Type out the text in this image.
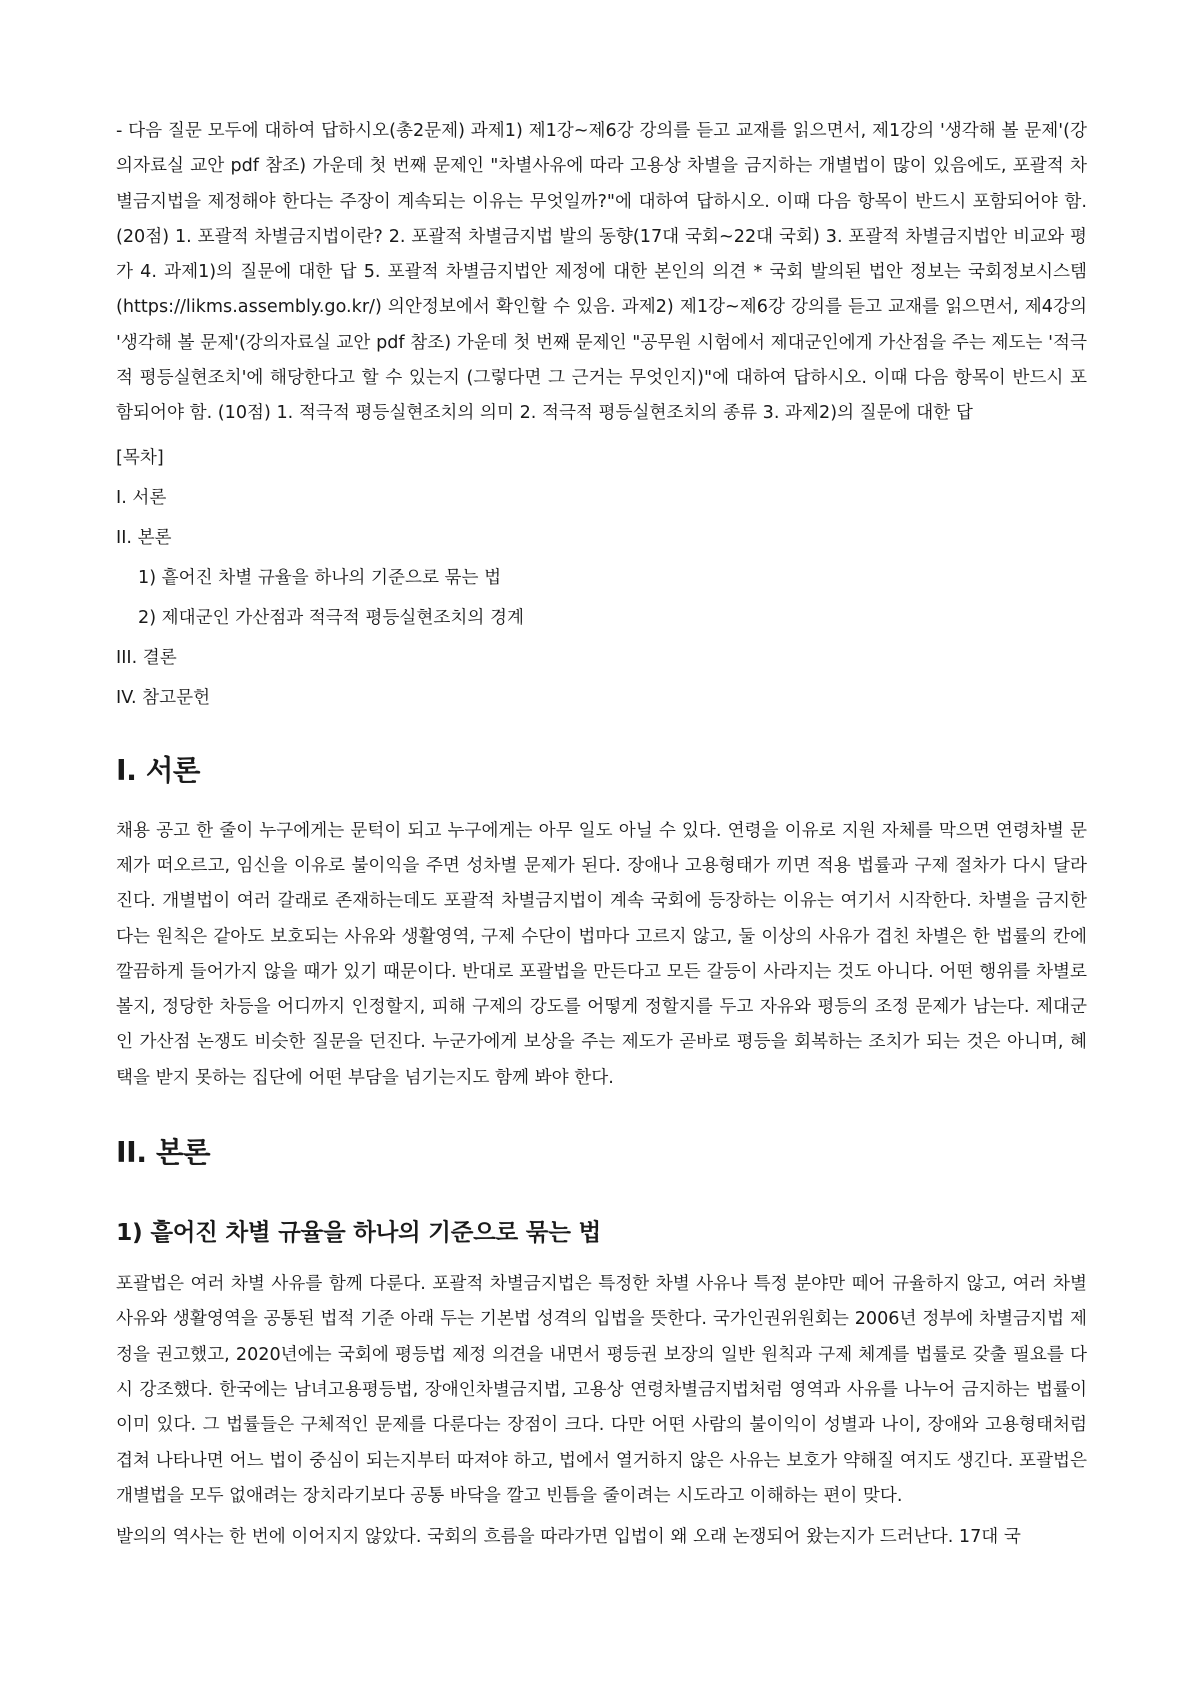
- 다음 질문 모두에 대하여 답하시오(총2문제) 과제1) 제1강~제6강 강의를 듣고 교재를 읽으면서, 제1강의 '생각해 볼 문제'(강의자료실 교안 pdf 참조) 가운데 첫 번째 문제인 "차별사유에 따라 고용상 차별을 금지하는 개별법이 많이 있음에도, 포괄적 차별금지법을 제정해야 한다는 주장이 계속되는 이유는 무엇일까?"에 대하여 답하시오. 이때 다음 항목이 반드시 포함되어야 함. (20점) 1. 포괄적 차별금지법이란? 2. 포괄적 차별금지법 발의 동향(17대 국회~22대 국회) 3. 포괄적 차별금지법안 비교와 평가 4. 과제1)의 질문에 대한 답 5. 포괄적 차별금지법안 제정에 대한 본인의 의견 * 국회 발의된 법안 정보는 국회정보시스템(https://likms.assembly.go.kr/) 의안정보에서 확인할 수 있음. 과제2) 제1강~제6강 강의를 듣고 교재를 읽으면서, 제4강의 '생각해 볼 문제'(강의자료실 교안 pdf 참조) 가운데 첫 번째 문제인 "공무원 시험에서 제대군인에게 가산점을 주는 제도는 '적극적 평등실현조치'에 해당한다고 할 수 있는지 (그렇다면 그 근거는 무엇인지)"에 대하여 답하시오. 이때 다음 항목이 반드시 포함되어야 함. (10점) 1. 적극적 평등실현조치의 의미 2. 적극적 평등실현조치의 종류 3. 과제2)의 질문에 대한 답

[목차]
I. 서론
II. 본론
1) 흩어진 차별 규율을 하나의 기준으로 묶는 법
2) 제대군인 가산점과 적극적 평등실현조치의 경계
III. 결론
IV. 참고문헌
I. 서론

채용 공고 한 줄이 누구에게는 문턱이 되고 누구에게는 아무 일도 아닐 수 있다. 연령을 이유로 지원 자체를 막으면 연령차별 문제가 떠오르고, 임신을 이유로 불이익을 주면 성차별 문제가 된다. 장애나 고용형태가 끼면 적용 법률과 구제 절차가 다시 달라진다. 개별법이 여러 갈래로 존재하는데도 포괄적 차별금지법이 계속 국회에 등장하는 이유는 여기서 시작한다. 차별을 금지한다는 원칙은 같아도 보호되는 사유와 생활영역, 구제 수단이 법마다 고르지 않고, 둘 이상의 사유가 겹친 차별은 한 법률의 칸에 깔끔하게 들어가지 않을 때가 있기 때문이다. 반대로 포괄법을 만든다고 모든 갈등이 사라지는 것도 아니다. 어떤 행위를 차별로 볼지, 정당한 차등을 어디까지 인정할지, 피해 구제의 강도를 어떻게 정할지를 두고 자유와 평등의 조정 문제가 남는다. 제대군인 가산점 논쟁도 비슷한 질문을 던진다. 누군가에게 보상을 주는 제도가 곧바로 평등을 회복하는 조치가 되는 것은 아니며, 혜택을 받지 못하는 집단에 어떤 부담을 넘기는지도 함께 봐야 한다.

II. 본론
1) 흩어진 차별 규율을 하나의 기준으로 묶는 법

포괄법은 여러 차별 사유를 함께 다룬다. 포괄적 차별금지법은 특정한 차별 사유나 특정 분야만 떼어 규율하지 않고, 여러 차별 사유와 생활영역을 공통된 법적 기준 아래 두는 기본법 성격의 입법을 뜻한다. 국가인권위원회는 2006년 정부에 차별금지법 제정을 권고했고, 2020년에는 국회에 평등법 제정 의견을 내면서 평등권 보장의 일반 원칙과 구제 체계를 법률로 갖출 필요를 다시 강조했다. 한국에는 남녀고용평등법, 장애인차별금지법, 고용상 연령차별금지법처럼 영역과 사유를 나누어 금지하는 법률이 이미 있다. 그 법률들은 구체적인 문제를 다룬다는 장점이 크다. 다만 어떤 사람의 불이익이 성별과 나이, 장애와 고용형태처럼 겹쳐 나타나면 어느 법이 중심이 되는지부터 따져야 하고, 법에서 열거하지 않은 사유는 보호가 약해질 여지도 생긴다. 포괄법은 개별법을 모두 없애려는 장치라기보다 공통 바닥을 깔고 빈틈을 줄이려는 시도라고 이해하는 편이 맞다.

발의의 역사는 한 번에 이어지지 않았다. 국회의 흐름을 따라가면 입법이 왜 오래 논쟁되어 왔는지가 드러난다. 17대 국
